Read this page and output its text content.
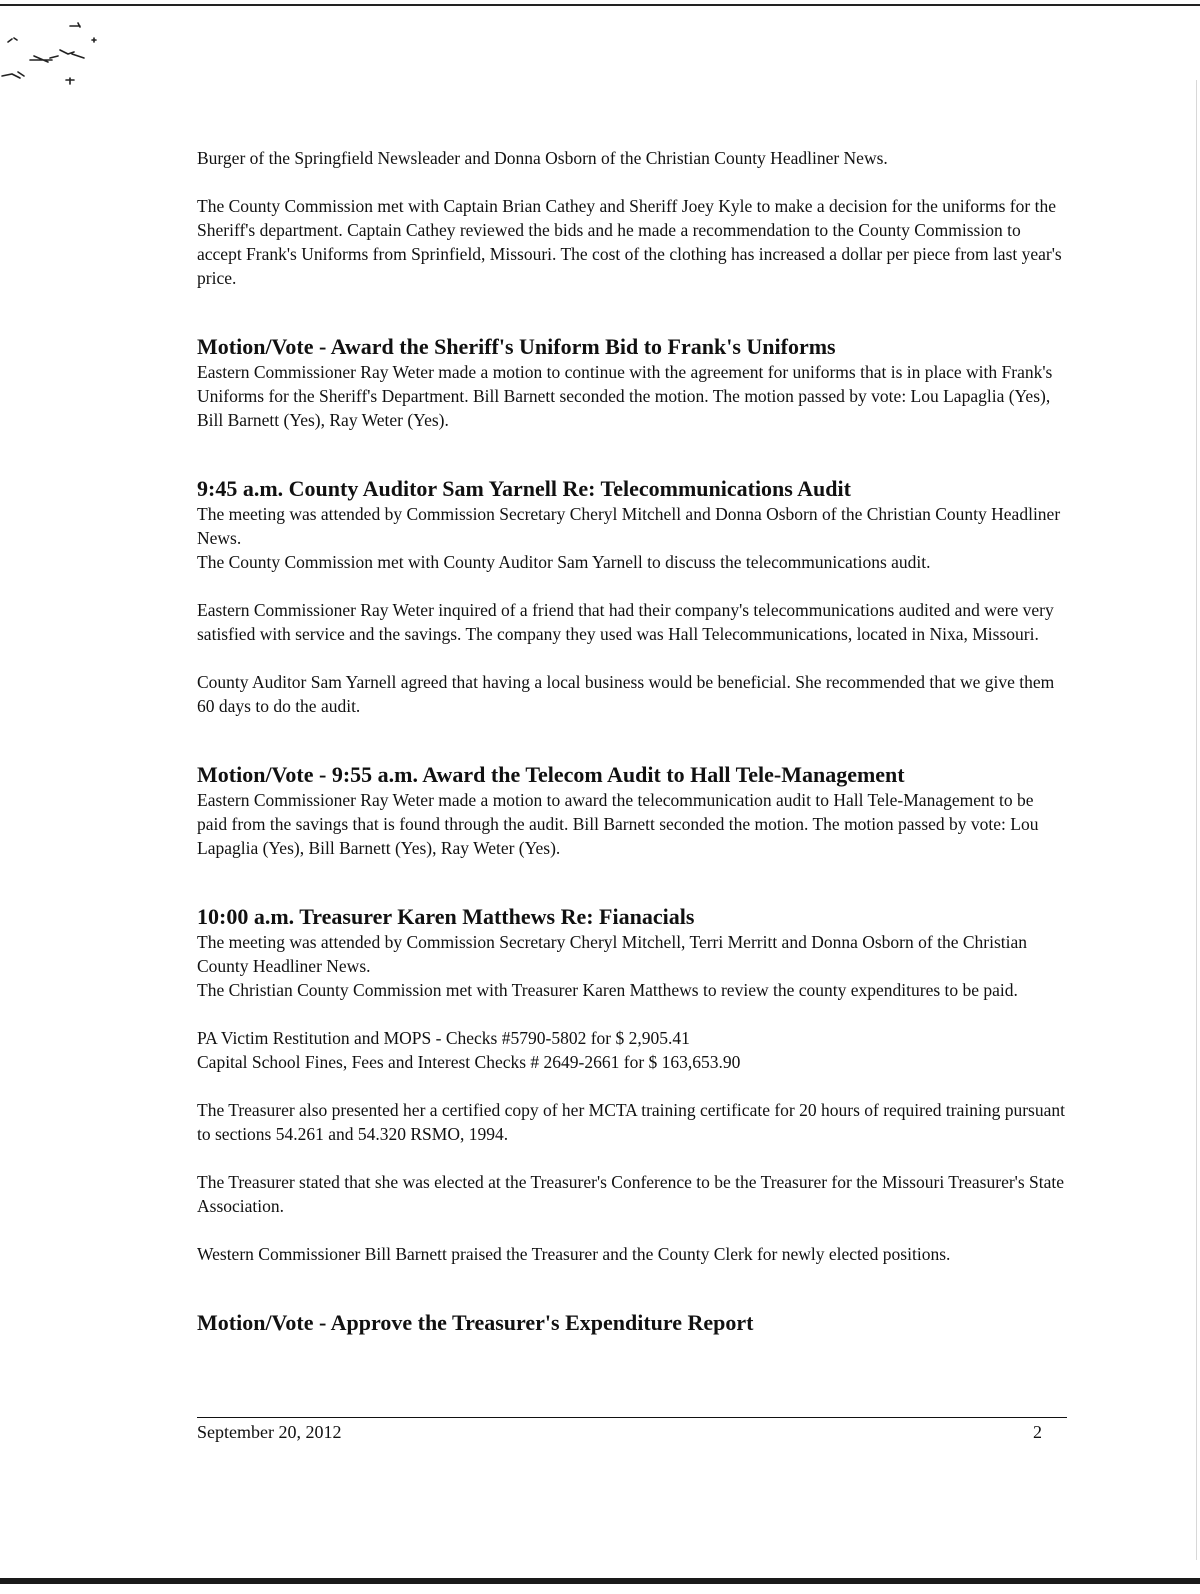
Burger of the Springfield Newsleader and Donna Osborn of the Christian County Headliner News.

The County Commission met with Captain Brian Cathey and Sheriff Joey Kyle to make a decision for the uniforms for the Sheriff's department. Captain Cathey reviewed the bids and he made a recommendation to the County Commission to accept Frank's Uniforms from Sprinfield, Missouri. The cost of the clothing has increased a dollar per piece from last year's price.

Motion/Vote - Award the Sheriff's Uniform Bid to Frank's Uniforms

Eastern Commissioner Ray Weter made a motion to continue with the agreement for uniforms that is in place with Frank's Uniforms for the Sheriff's Department. Bill Barnett seconded the motion. The motion passed by vote: Lou Lapaglia (Yes), Bill Barnett (Yes), Ray Weter (Yes).

9:45 a.m. County Auditor Sam Yarnell Re: Telecommunications Audit

The meeting was attended by Commission Secretary Cheryl Mitchell and Donna Osborn of the Christian County Headliner News.

The County Commission met with County Auditor Sam Yarnell to discuss the telecommunications audit.

Eastern Commissioner Ray Weter inquired of a friend that had their company's telecommunications audited and were very satisfied with service and the savings. The company they used was Hall Telecommunications, located in Nixa, Missouri.

County Auditor Sam Yarnell agreed that having a local business would be beneficial. She recommended that we give them 60 days to do the audit.

Motion/Vote - 9:55 a.m. Award the Telecom Audit to Hall Tele-Management

Eastern Commissioner Ray Weter made a motion to award the telecommunication audit to Hall Tele-Management to be paid from the savings that is found through the audit. Bill Barnett seconded the motion. The motion passed by vote: Lou Lapaglia (Yes), Bill Barnett (Yes), Ray Weter (Yes).

10:00 a.m. Treasurer Karen Matthews Re: Fianacials

The meeting was attended by Commission Secretary Cheryl Mitchell, Terri Merritt and Donna Osborn of the Christian County Headliner News.

The Christian County Commission met with Treasurer Karen Matthews to review the county expenditures to be paid.

PA Victim Restitution and MOPS - Checks #5790-5802 for $ 2,905.41

Capital School Fines, Fees and Interest Checks # 2649-2661 for $ 163,653.90

The Treasurer also presented her a certified copy of her MCTA training certificate for 20 hours of required training pursuant to sections 54.261 and 54.320 RSMO, 1994.

The Treasurer stated that she was elected at the Treasurer's Conference to be the Treasurer for the Missouri Treasurer's State Association.

Western Commissioner Bill Barnett praised the Treasurer and the County Clerk for newly elected positions.

Motion/Vote - Approve the Treasurer's Expenditure Report
September 20, 2012	2
